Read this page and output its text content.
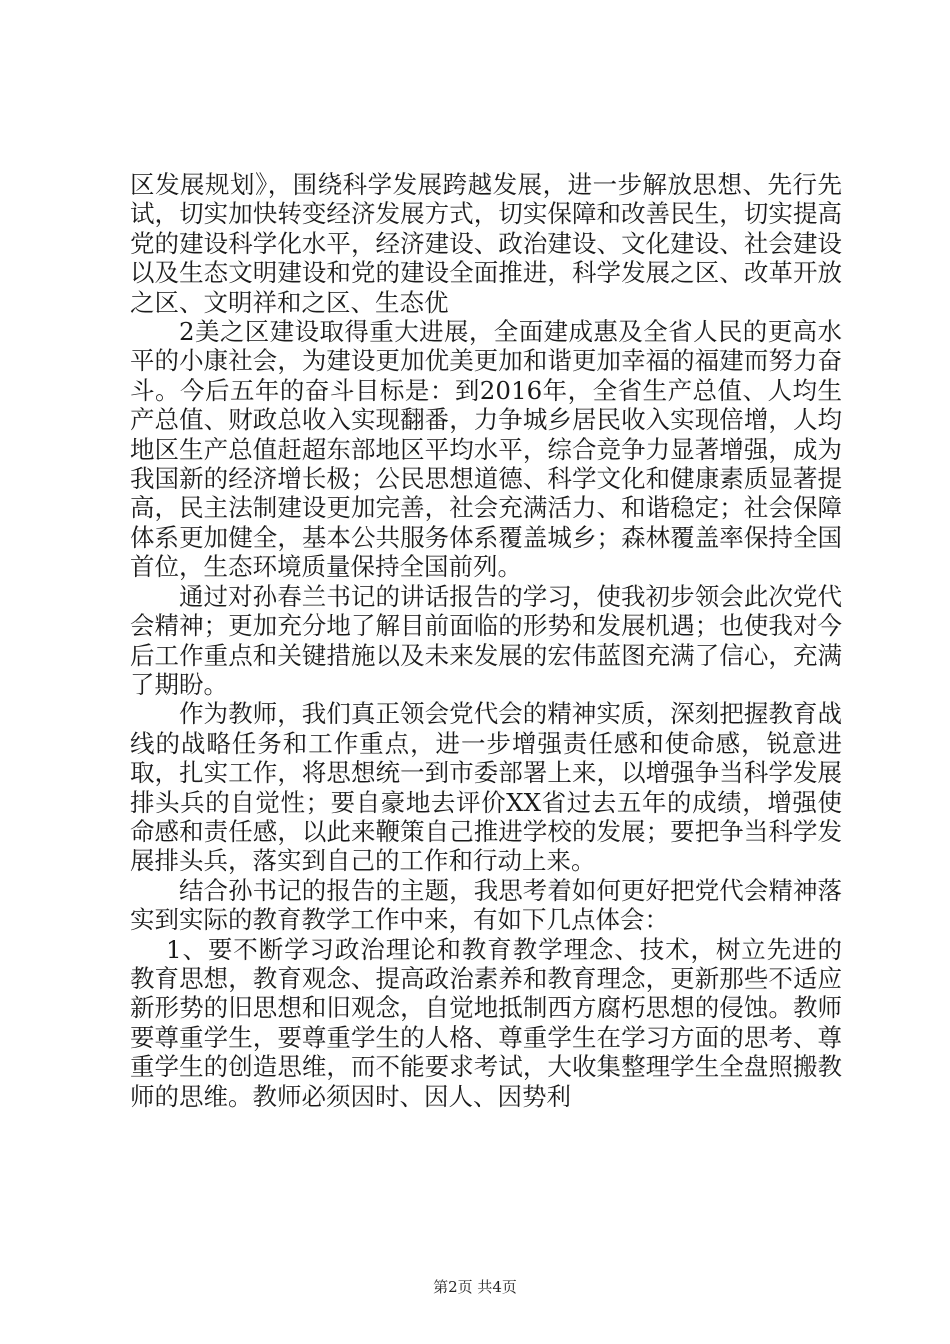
区发展规划》，围绕科学发展跨越发展，进一步解放思想、先行先试，切实加快转变经济发展方式，切实保障和改善民生，切实提高党的建设科学化水平，经济建设、政治建设、文化建设、社会建设以及生态文明建设和党的建设全面推进，科学发展之区、改革开放之区、文明祥和之区、生态优

2美之区建设取得重大进展，全面建成惠及全省人民的更高水平的小康社会，为建设更加优美更加和谐更加幸福的福建而努力奋斗。今后五年的奋斗目标是：到2016年，全省生产总值、人均生产总值、财政总收入实现翻番，力争城乡居民收入实现倍增，人均地区生产总值赶超东部地区平均水平，综合竞争力显著增强，成为我国新的经济增长极；公民思想道德、科学文化和健康素质显著提高，民主法制建设更加完善，社会充满活力、和谐稳定；社会保障体系更加健全，基本公共服务体系覆盖城乡；森林覆盖率保持全国首位，生态环境质量保持全国前列。

通过对孙春兰书记的讲话报告的学习，使我初步领会此次党代会精神；更加充分地了解目前面临的形势和发展机遇；也使我对今后工作重点和关键措施以及未来发展的宏伟蓝图充满了信心，充满了期盼。

作为教师，我们真正领会党代会的精神实质，深刻把握教育战线的战略任务和工作重点，进一步增强责任感和使命感，锐意进取，扎实工作，将思想统一到市委部署上来，以增强争当科学发展排头兵的自觉性；要自豪地去评价XX省过去五年的成绩，增强使命感和责任感，以此来鞭策自己推进学校的发展；要把争当科学发展排头兵，落实到自己的工作和行动上来。

结合孙书记的报告的主题，我思考着如何更好把党代会精神落实到实际的教育教学工作中来，有如下几点体会：

1、要不断学习政治理论和教育教学理念、技术，树立先进的教育思想，教育观念、提高政治素养和教育理念，更新那些不适应新形势的旧思想和旧观念，自觉地抵制西方腐朽思想的侵蚀。教师要尊重学生，要尊重学生的人格、尊重学生在学习方面的思考、尊重学生的创造思维，而不能要求考试，大收集整理学生全盘照搬教师的思维。教师必须因时、因人、因势利

第2页 共4页
